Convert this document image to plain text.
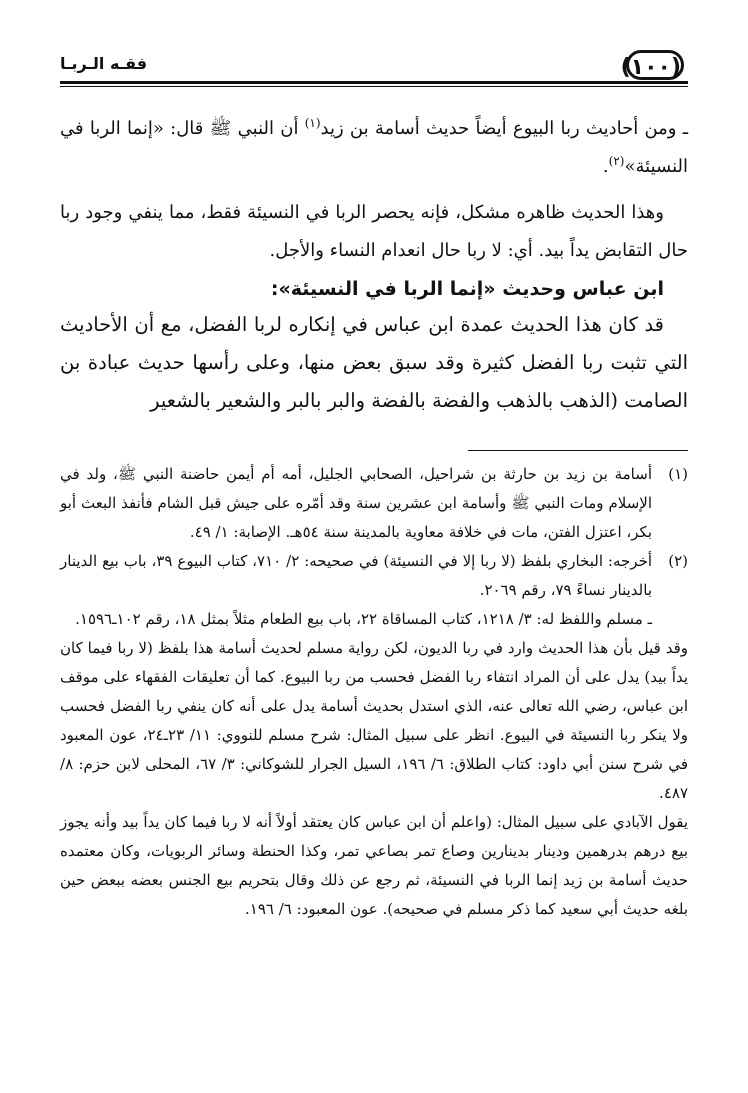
(١٠٠)
فقـه الـربـا

ـ ومن أحاديث ربا البيوع أيضاً حديث أسامة بن زيد$^{(١)}$ أن النبي ﷺ قال: «إنما الربا في النسيئة»$^{(٢)}$.

وهذا الحديث ظاهره مشكل، فإنه يحصر الربا في النسيئة فقط، مما ينفي وجود ربا حال التقابض يداً بيد. أي: لا ربا حال انعدام النساء والأجل.

ابن عباس وحديث «إنما الربا في النسيئة»:

قد كان هذا الحديث عمدة ابن عباس في إنكاره لربا الفضل، مع أن الأحاديث التي تثبت ربا الفضل كثيرة وقد سبق بعض منها، وعلى رأسها حديث عبادة بن الصامت (الذهب بالذهب والفضة بالفضة والبر بالبر والشعير بالشعير

(١)

أسامة بن زيد بن حارثة بن شراحيل، الصحابي الجليل، أمه أم أيمن حاضنة النبي ﷺ، ولد في الإسلام ومات النبي ﷺ وأسامة ابن عشرين سنة وقد أمّره على جيش قبل الشام فأنفذ البعث أبو بكر، اعتزل الفتن، مات في خلافة معاوية بالمدينة سنة ٥٤هـ. الإصابة: ١/ ٤٩.

(٢)

أخرجه: البخاري بلفظ (لا ربا إلا في النسيئة) في صحيحه: ٢/ ٧١٠، كتاب البيوع ٣٩، باب بيع الدينار بالدينار نساءً ٧٩، رقم ٢٠٦٩.

ـ مسلم واللفظ له: ٣/ ١٢١٨، كتاب المساقاة ٢٢، باب بيع الطعام مثلاً بمثل ١٨، رقم ١٠٢ـ١٥٩٦.

وقد قيل بأن هذا الحديث وارد في ربا الديون، لكن رواية مسلم لحديث أسامة هذا بلفظ (لا ربا فيما كان يداً بيد) يدل على أن المراد انتفاء ربا الفضل فحسب من ربا البيوع. كما أن تعليقات الفقهاء على موقف ابن عباس، رضي الله تعالى عنه، الذي استدل بحديث أسامة يدل على أنه كان ينفي ربا الفضل فحسب ولا ينكر ربا النسيئة في البيوع. انظر على سبيل المثال: شرح مسلم للنووي: ١١/ ٢٣ـ٢٤، عون المعبود في شرح سنن أبي داود: كتاب الطلاق: ٦/ ١٩٦، السيل الجرار للشوكاني: ٣/ ٦٧، المحلى لابن حزم: ٨/ ٤٨٧.

يقول الآبادي على سبيل المثال: (واعلم أن ابن عباس كان يعتقد أولاً أنه لا ربا فيما كان يداً بيد وأنه يجوز بيع درهم بدرهمين ودينار بدينارين وصاع تمر بصاعي تمر، وكذا الحنطة وسائر الربويات، وكان معتمده حديث أسامة بن زيد إنما الربا في النسيئة، ثم رجع عن ذلك وقال بتحريم بيع الجنس بعضه ببعض حين بلغه حديث أبي سعيد كما ذكر مسلم في صحيحه). عون المعبود: ٦/ ١٩٦.
